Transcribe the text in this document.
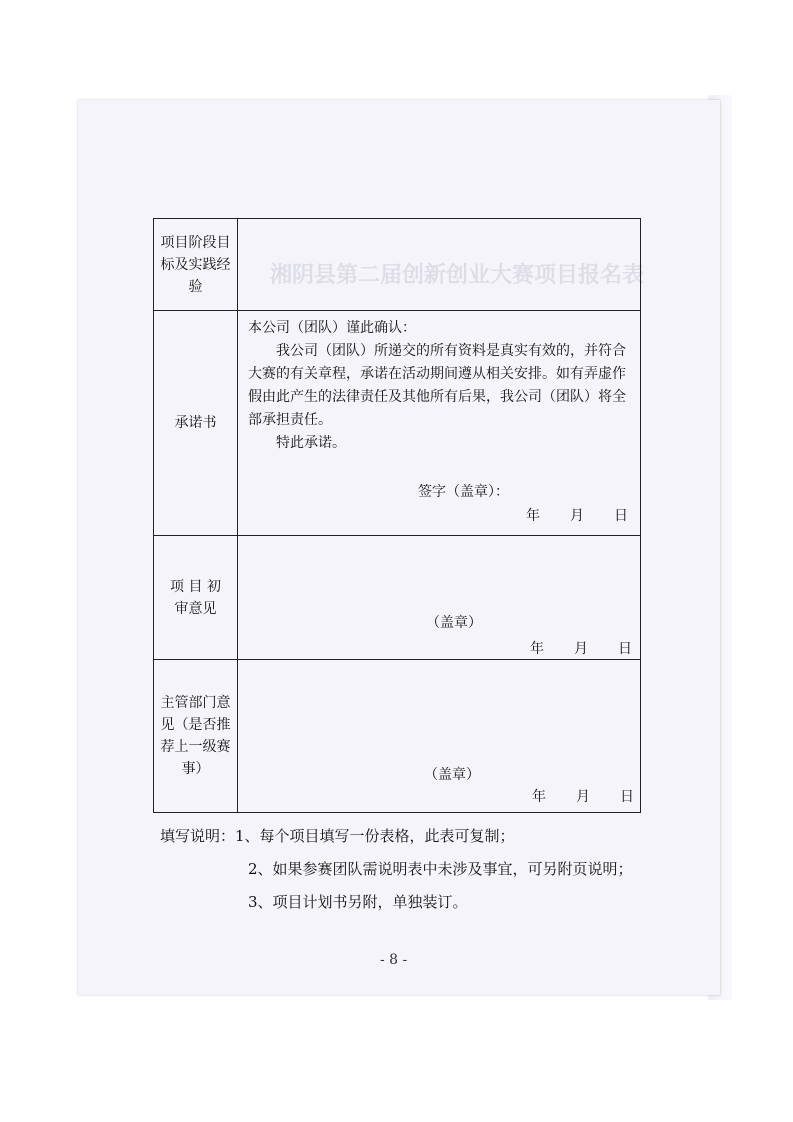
项目阶段目标及实践经验	

承诺书	本公司（团队）谨此确认：

我公司（团队）所递交的所有资料是真实有效的，并符合大赛的有关章程，承诺在活动期间遵从相关安排。如有弄虚作假由此产生的法律责任及其他所有后果，我公司（团队）将全部承担责任。

特此承诺。

签字（盖章）：
年 月 日

项 目 初审意见	（盖章）
年 月 日

主管部门意见（是否推荐上一级赛事）	（盖章）
年 月 日
填写说明：1、每个项目填写一份表格，此表可复制；
2、如果参赛团队需说明表中未涉及事宜，可另附页说明；
3、项目计划书另附，单独装订。
- 8 -
